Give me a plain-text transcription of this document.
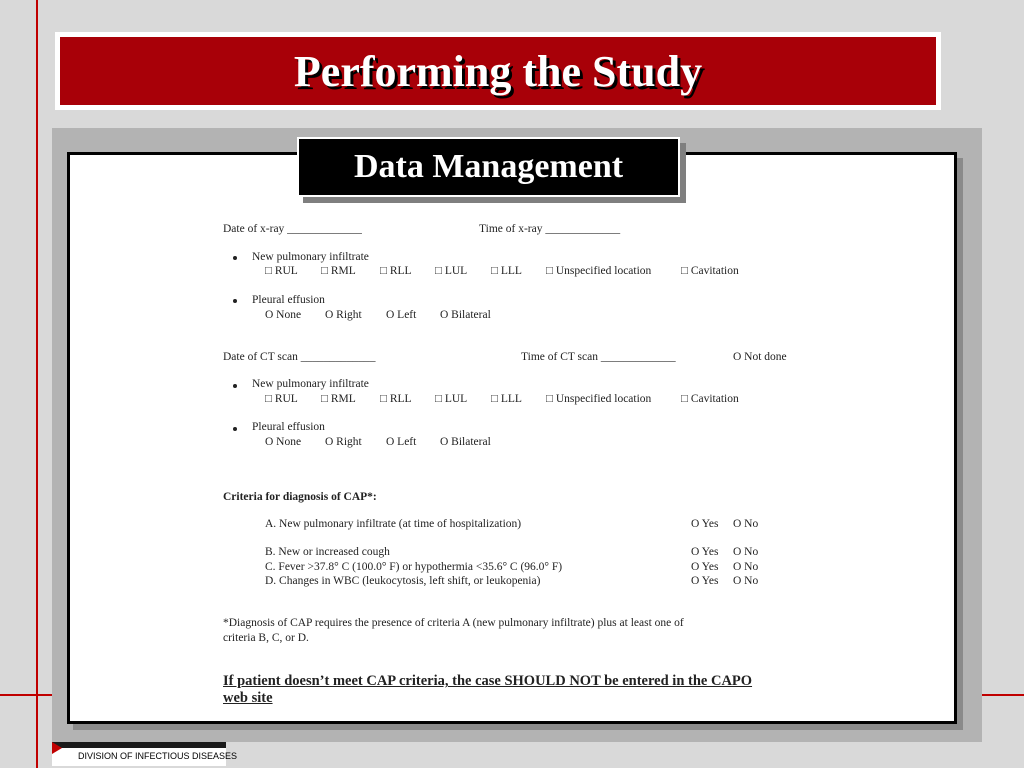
Performing the Study
Date of x-ray _____________	Time of x-ray _____________
New pulmonary infiltrate
□ RUL □ RML □ RLL □ LUL □ LLL □ Unspecified location	□ Cavitation
Pleural effusion
O None O Right O Left O Bilateral
Date of CT scan _____________	Time of CT scan _____________	O Not done
New pulmonary infiltrate
□ RUL □ RML □ RLL □ LUL □ LLL □ Unspecified location	□ Cavitation
Pleural effusion
O None O Right O Left O Bilateral
Criteria for diagnosis of CAP*:
A. New pulmonary infiltrate (at time of hospitalization)	O Yes O No
B. New or increased cough	O Yes O No
C. Fever >37.8° C (100.0° F) or hypothermia <35.6° C (96.0° F)	O Yes O No
D. Changes in WBC (leukocytosis, left shift, or leukopenia)	O Yes O No
*Diagnosis of CAP requires the presence of criteria A (new pulmonary infiltrate) plus at least one of
criteria B, C, or D.
If patient doesn’t meet CAP criteria, the case SHOULD NOT be entered in the CAPO
web site
Data Management
DIVISION OF INFECTIOUS DISEASES
